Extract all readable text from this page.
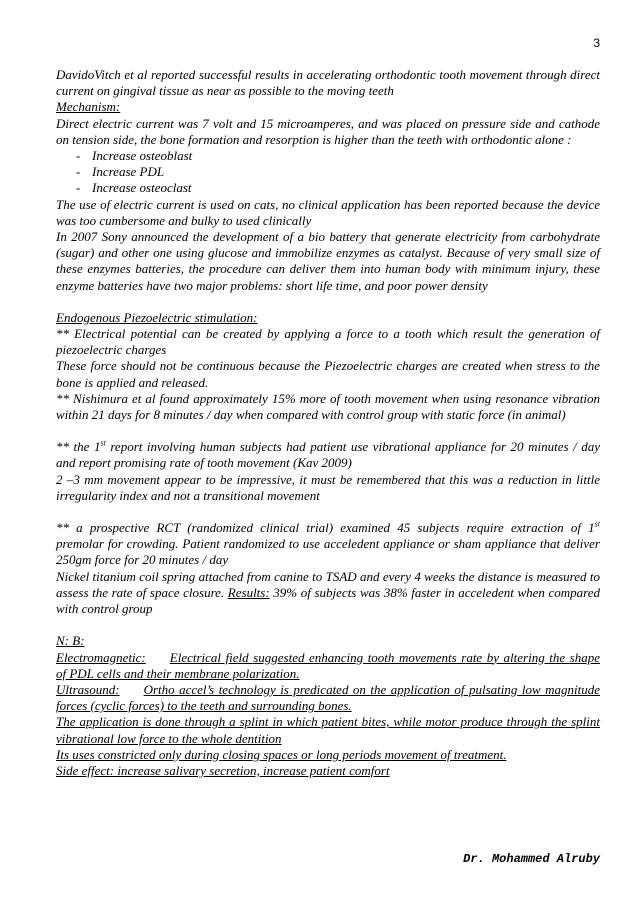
3

DavidoVitch et al reported successful results in accelerating orthodontic tooth movement through direct current on gingival tissue as near as possible to the moving teeth

Mechanism:

Direct electric current was 7 volt and 15 microamperes, and was placed on pressure side and cathode on tension side, the bone formation and resorption is higher than the teeth with orthodontic alone :

- Increase osteoblast
- Increase PDL
- Increase osteoclast

The use of electric current is used on cats, no clinical application has been reported because the device was too cumbersome and bulky to used clinically

In 2007 Sony announced the development of a bio battery that generate electricity from carbohydrate (sugar) and other one using glucose and immobilize enzymes as catalyst. Because of very small size of these enzymes batteries, the procedure can deliver them into human body with minimum injury, these enzyme batteries have two major problems: short life time, and poor power density

Endogenous Piezoelectric stimulation:

** Electrical potential can be created by applying a force to a tooth which result the generation of piezoelectric charges

These force should not be continuous because the Piezoelectric charges are created when stress to the bone is applied and released.

** Nishimura et al found approximately 15% more of tooth movement when using resonance vibration within 21 days for 8 minutes / day when compared with control group with static force (in animal)

** the 1st report involving human subjects had patient use vibrational appliance for 20 minutes / day and report promising rate of tooth movement (Kav 2009)

2 –3 mm movement appear to be impressive, it must be remembered that this was a reduction in little irregularity index and not a transitional movement

** a prospective RCT (randomized clinical trial) examined 45 subjects require extraction of 1st premolar for crowding. Patient randomized to use acceledent appliance or sham appliance that deliver 250gm force for 20 minutes / day

Nickel titanium coil spring attached from canine to TSAD and every 4 weeks the distance is measured to assess the rate of space closure. Results: 39% of subjects was 38% faster in acceledent when compared with control group

N: B:

Electromagnetic: Electrical field suggested enhancing tooth movements rate by altering the shape of PDL cells and their membrane polarization.

Ultrasound: Ortho accel’s technology is predicated on the application of pulsating low magnitude forces (cyclic forces) to the teeth and surrounding bones.

The application is done through a splint in which patient bites, while motor produce through the splint vibrational low force to the whole dentition

Its uses constricted only during closing spaces or long periods movement of treatment.

Side effect: increase salivary secretion, increase patient comfort

Dr. Mohammed Alruby
